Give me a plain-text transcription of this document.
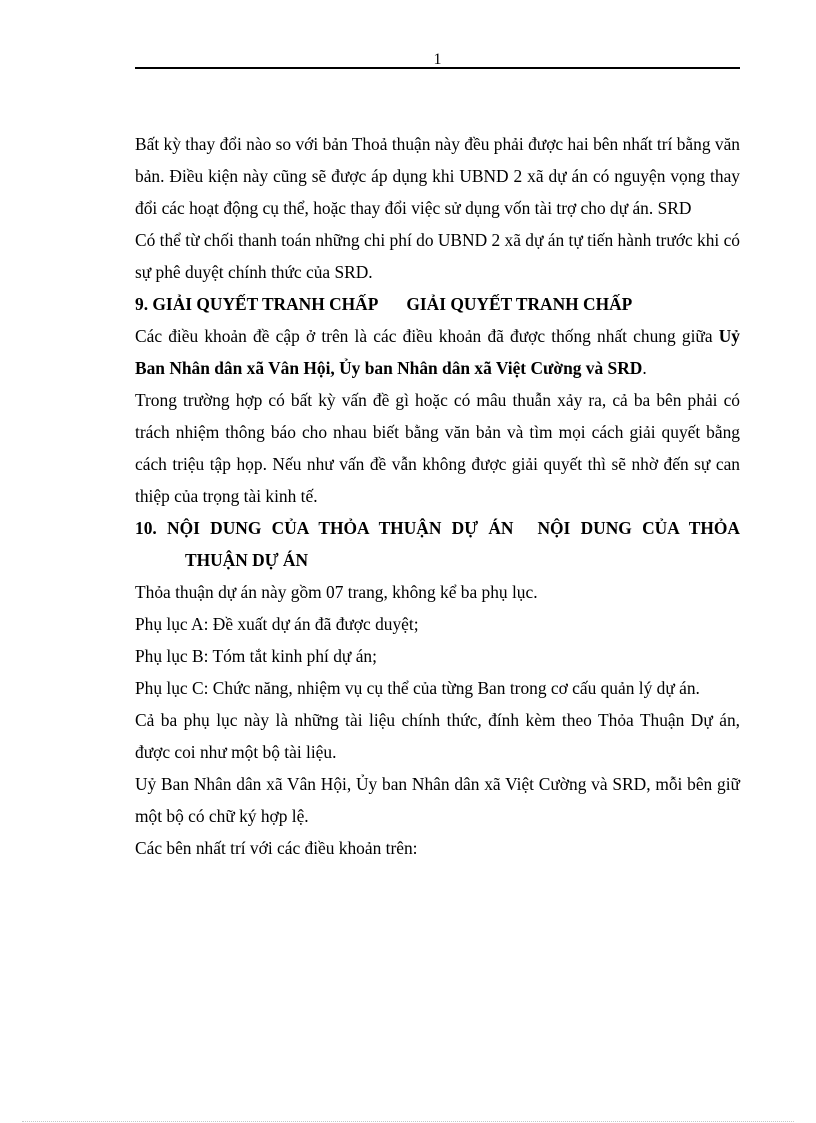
1

Bất kỳ thay đổi nào so với bản Thoả thuận này đều phải được hai bên nhất trí bằng văn bản. Điều kiện này cũng sẽ được áp dụng khi UBND 2 xã dự án có nguyện vọng thay đổi các hoạt động cụ thể, hoặc thay đổi việc sử dụng vốn tài trợ cho dự án. SRD

Có thể từ chối thanh toán những chi phí do UBND 2 xã dự án tự tiến hành trước khi có sự phê duyệt chính thức của SRD.

9. GIẢI QUYẾT TRANH CHẤP GIẢI QUYẾT TRANH CHẤP

Các điều khoản đề cập ở trên là các điều khoản đã được thống nhất chung giữa Uỷ Ban Nhân dân xã Vân Hội, Ủy ban Nhân dân xã Việt Cường và SRD.

Trong trường hợp có bất kỳ vấn đề gì hoặc có mâu thuẫn xảy ra, cả ba bên phải có trách nhiệm thông báo cho nhau biết bằng văn bản và tìm mọi cách giải quyết bằng cách triệu tập họp. Nếu như vấn đề vẫn không được giải quyết thì sẽ nhờ đến sự can thiệp của trọng tài kinh tế.

10. NỘI DUNG CỦA THỎA THUẬN DỰ ÁN NỘI DUNG CỦA THỎA THUẬN DỰ ÁN

Thỏa thuận dự án này gồm 07 trang, không kể ba phụ lục.

Phụ lục A: Đề xuất dự án đã được duyệt;

Phụ lục B: Tóm tắt kinh phí dự án;

Phụ lục C: Chức năng, nhiệm vụ cụ thể của từng Ban trong cơ cấu quản lý dự án.

Cả ba phụ lục này là những tài liệu chính thức, đính kèm theo Thỏa Thuận Dự án, được coi như một bộ tài liệu.

Uỷ Ban Nhân dân xã Vân Hội, Ủy ban Nhân dân xã Việt Cường và SRD, mỗi bên giữ một bộ có chữ ký hợp lệ.

Các bên nhất trí với các điều khoản trên:
